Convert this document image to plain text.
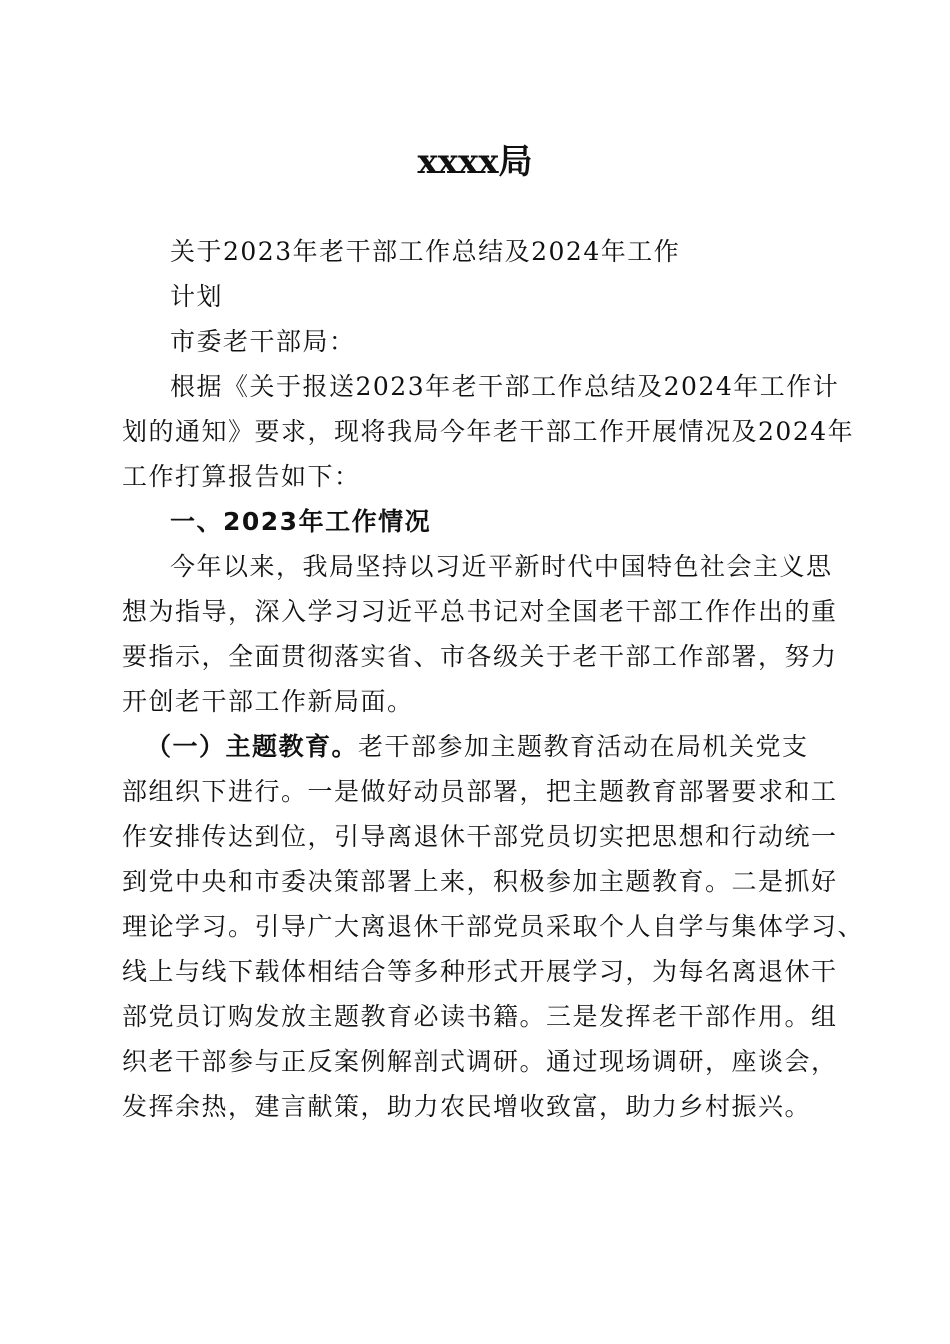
xxxx局
关于2023年老干部工作总结及2024年工作
计划
市委老干部局：
根据《关于报送2023年老干部工作总结及2024年工作计
划的通知》要求，现将我局今年老干部工作开展情况及2024年
工作打算报告如下：
一、2023年工作情况
今年以来，我局坚持以习近平新时代中国特色社会主义思
想为指导，深入学习习近平总书记对全国老干部工作作出的重
要指示，全面贯彻落实省、市各级关于老干部工作部署，努力
开创老干部工作新局面。
（一）主题教育。老干部参加主题教育活动在局机关党支
部组织下进行。一是做好动员部署，把主题教育部署要求和工
作安排传达到位，引导离退休干部党员切实把思想和行动统一
到党中央和市委决策部署上来，积极参加主题教育。二是抓好
理论学习。引导广大离退休干部党员采取个人自学与集体学习、
线上与线下载体相结合等多种形式开展学习，为每名离退休干
部党员订购发放主题教育必读书籍。三是发挥老干部作用。组
织老干部参与正反案例解剖式调研。通过现场调研，座谈会，
发挥余热，建言献策，助力农民增收致富，助力乡村振兴。
